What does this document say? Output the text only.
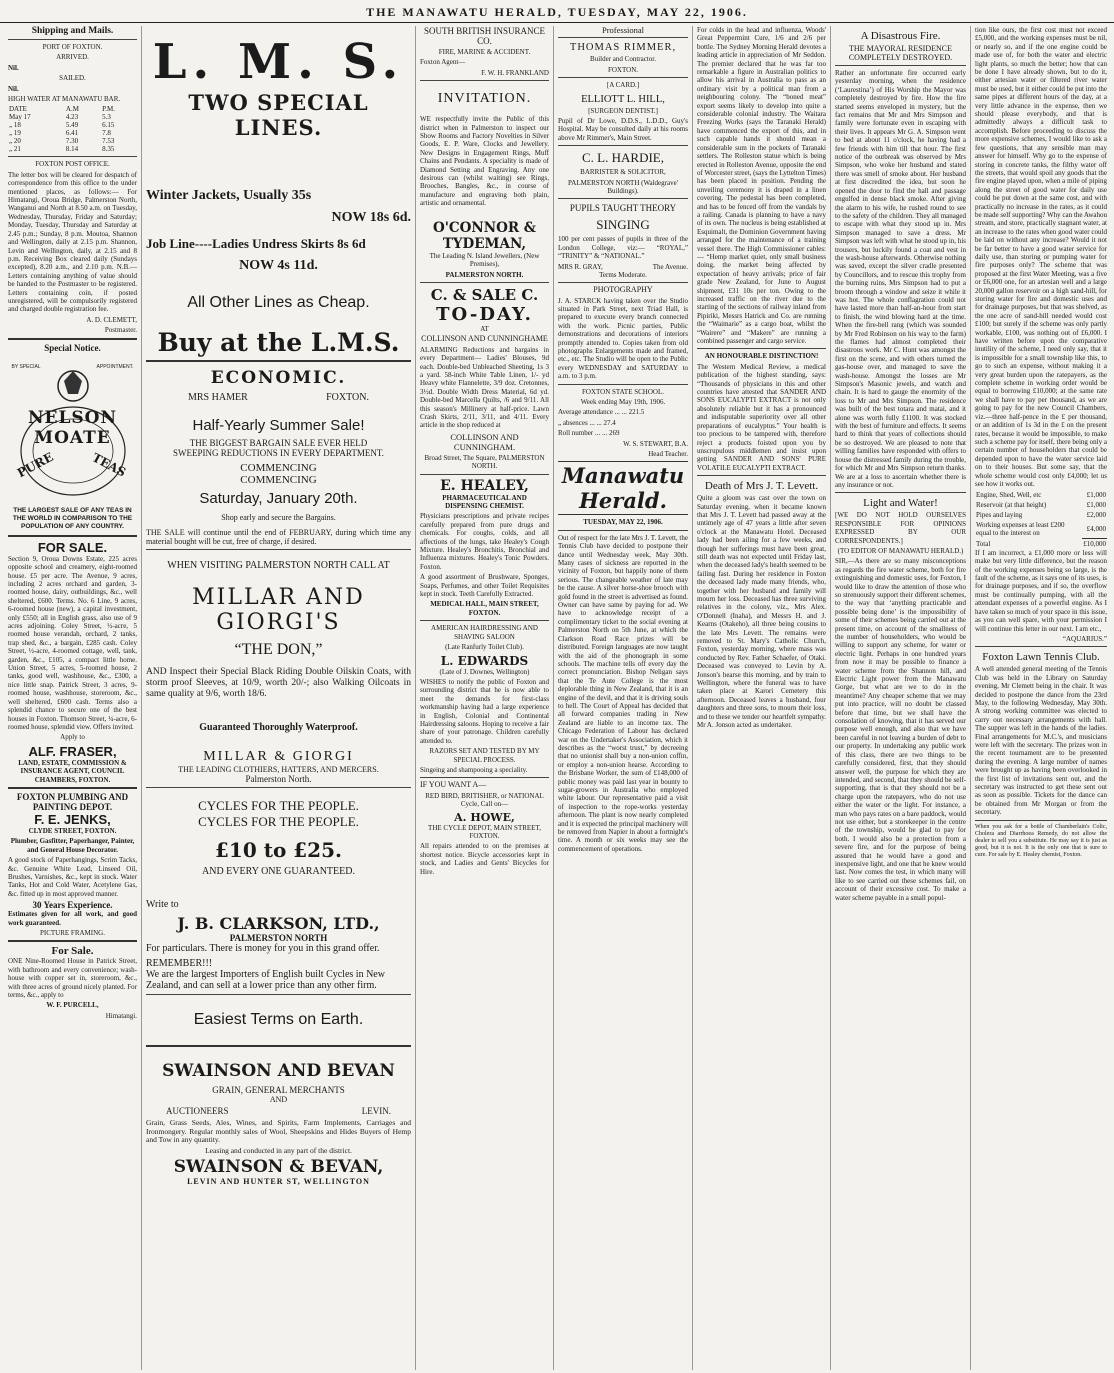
THE MANAWATU HERALD, TUESDAY, MAY 22, 1906.
Shipping and Mails.
PORT OF FOXTON.
ARRIVED.
Nil.
SAILED.
Nil.
HIGH WATER AT MANAWATU BAR.
DATE	A.M	P.M.
May 17	4.23	5.3
„ 18	5.49	6.15
„ 19	6.41	7.8
„ 20	7.30	7.53
„ 21	8.14	8.35
FOXTON POST OFFICE.
The letter box will be cleared for despatch of correspondence from this office to the under mentioned places, as follows:— For Himatangi, Oroua Bridge, Palmerston North, Wanganui and North at 8.50 a.m. on Tuesday, Wednesday, Thursday, Friday and Saturday; Monday, Tuesday, Thursday and Saturday at 2.45 p.m.; Sunday, 8 p.m. Moutoa, Shannon and Wellington, daily at 2.15 p.m. Shannon, Levin and Wellington, daily, at 2.15 and 8 p.m. Receiving Box cleared daily (Sundays excepted), 8.20 a.m., and 2.10 p.m. N.B.—Letters containing anything of value should be handed to the Postmaster to be registered. Letters containing coin, if posted unregistered, will be compulsorily registered and charged double registration fee.
A. D. CLEMETT,
Postmaster.
Special Notice.
BY SPECIAL	APPOINTMENT.
NELSON
MOATE
PURE	TEAS
THE LARGEST SALE OF ANY TEAS IN THE WORLD IN COMPARISON TO THE POPULATION OF ANY COUNTRY.
FOR SALE.
Section 9, Oroua Downs Estate, 225 acres opposite school and creamery, eight-roomed house. £5 per acre. The Avenue, 9 acres, including 2 acres orchard and garden, 3-roomed house, dairy, outbuildings, &c., well sheltered, £600. Terms. No. 6 Line, 9 acres, 6-roomed house (new), a capital investment, only £550; all in English grass, also use of 9 acres adjoining. Coley Street, ½-acre, 5 roomed house verandah, orchard, 2 tanks, trap shed, &c., a bargain, £285 cash. Coley Street, ½-acre, 4-roomed cottage, well, tank, garden, &c., £105, a compact little home. Union Street, 5 acres, 5-roomed house, 2 tanks, good well, washhouse, &c., £300, a nice little snap. Patrick Street, 3 acres, 9-roomed house, washhouse, storeroom, &c., well sheltered, £600 cash. Terms also a splendid chance to secure one of the best houses in Foxton. Thomson Street, ¼-acre, 6-roomed house, splendid view. Offers invited.
Apply to
ALF. FRASER,
LAND, ESTATE, COMMISSION & INSURANCE AGENT, COUNCIL CHAMBERS, FOXTON.
FOXTON PLUMBING AND PAINTING DEPOT.
F. E. JENKS,
CLYDE STREET, FOXTON.
Plumber, Gasfitter, Paperhanger, Painter, and General House Decorator.
A good stock of Paperhangings, Scrim Tacks, &c. Genuine White Lead, Linseed Oil, Brushes, Varnishes, &c., kept in stock. Water Tanks, Hot and Cold Water, Acetylene Gas, &c. fitted up in most approved manner.
30 Years Experience.
Estimates given for all work, and good work guaranteed.
PICTURE FRAMING.
For Sale.
ONE Nine-Roomed House in Patrick Street, with bathroom and every convenience; wash-house with copper set in, storeroom, &c., with three acres of ground nicely planted. For terms, &c., apply to
W. F. PURCELL,
Himatangi.
L. M. S.
TWO SPECIAL LINES.
Winter Jackets, Usually 35s
NOW 18s 6d.
Job Line----Ladies Undress Skirts 8s 6d
NOW 4s 11d.
All Other Lines as Cheap.
Buy at the L.M.S.
ECONOMIC.
MRS HAMER	FOXTON.
Half-Yearly Summer Sale!
THE BIGGEST BARGAIN SALE EVER HELD
SWEEPING REDUCTIONS IN EVERY DEPARTMENT.
COMMENCING
COMMENCING
Saturday, January 20th.
Shop early and secure the Bargains.
THE SALE will continue until the end of FEBRUARY, during which time any material bought will be cut, free of charge, if desired.
WHEN VISITING PALMERSTON NORTH CALL AT
MILLAR AND GIORGI'S
“THE DON,”
AND Inspect their Special Black Riding Double Oilskin Coats, with storm proof Sleeves, at 10/9, worth 20/-; also Walking Oilcoats in same quality at 9/6, worth 18/6.
Guaranteed Thoroughly Waterproof.
MILLAR & GIORGI
THE LEADING CLOTHIERS, HATTERS, AND MERCERS.
Palmerston North.
CYCLES FOR THE PEOPLE.
CYCLES FOR THE PEOPLE.
£10 to £25.
AND EVERY ONE GUARANTEED.
Write to
J. B. CLARKSON, LTD.,
PALMERSTON NORTH
For particulars. There is money for you in this grand offer.
REMEMBER!!!
We are the largest Importers of English built Cycles in New Zealand, and can sell at a lower price than any other firm.
Easiest Terms on Earth.
SWAINSON AND BEVAN
GRAIN, GENERAL MERCHANTS
AND
AUCTIONEERS	LEVIN.
Grain, Grass Seeds, Ales, Wines, and Spirits, Farm Implements, Carriages and Ironmongery. Regular monthly sales of Wool, Sheepskins and Hides Buyers of Hemp and Tow in any quantity.
Leasing and conducted in any part of the district.
SWAINSON & BEVAN,
LEVIN AND HUNTER ST, WELLINGTON
SOUTH BRITISH INSURANCE CO.
FIRE, MARINE & ACCIDENT.
Foxton Agent—
F. W. H. FRANKLAND
INVITATION.
WE respectfully invite the Public of this district when in Palmerston to inspect our Show Rooms and Factory Novelties in Silver Goods, E. P. Ware, Clocks and Jewellery. New Designs in Engagement Rings, Muff Chains and Pendants. A speciality is made of Diamond Setting and Engraving. Any one desirous can (whilst waiting) see Rings, Brooches, Bangles, &c., in course of manufacture and engraving both plain, artistic and ornamental.
O'CONNOR & TYDEMAN,
The Leading N. Island Jewellers, (New Premises),
PALMERSTON NORTH.
C. & SALE C.
TO-DAY.
AT
COLLINSON AND CUNNINGHAME
ALARMING Reductions and bargains in every Department— Ladies' Blouses, 9d each. Double-bed Unbleached Sheeting, 1s 3 a yard. 58-inch White Table Linen, 1/- yd Heavy white Flannelette, 3/9 doz. Cretonnes, 3½d. Double Width Dress Material, 6d yd. Double-bed Marcella Quilts, /6 and 9/11. All this season's Millinery at half-price. Lawn Crash Skirts, 2/11, 3/11, and 4/11. Every article in the shop reduced at
COLLINSON AND CUNNINGHAM.
Broad Street, The Square, PALMERSTON NORTH.
E. HEALEY,
PHARMACEUTICAL AND DISPENSING CHEMIST.
Physicians prescriptions and private recipes carefully prepared from pure drugs and chemicals. For coughs, colds, and all affections of the lungs, take Healey's Cough Mixture. Healey's Bronchitis, Bronchial and Influenza mixtures. Healey's Tonic Powders. Foxton.
A good assortment of Brushware, Sponges, Soaps, Perfumes, and other Toilet Requisites kept in stock. Teeth Carefully Extracted.
MEDICAL HALL, MAIN STREET, FOXTON.
AMERICAN HAIRDRESSING AND SHAVING SALOON
(Late Ranfurly Toilet Club).
L. EDWARDS
(Late of J. Downes, Wellington)
WISHES to notify the public of Foxton and surrounding district that he is now able to meet the demands for first-class workmanship having had a large experience in English, Colonial and Continental Hairdressing saloons. Hoping to receive a fair share of your patronage. Children carefully attended to.
RAZORS SET AND TESTED BY MY SPECIAL PROCESS.
Singeing and shampooing a speciality.
IF YOU WANT A—
RED BIRD, BRITISHER, or NATIONAL Cycle, Call on—
A. HOWE,
THE CYCLE DEPOT, MAIN STREET, FOXTON.
All repairs attended to on the premises at shortest notice. Bicycle accessories kept in stock, and Ladies and Gents' Bicycles for Hire.
Professional
THOMAS RIMMER,
Builder and Contractor.
FOXTON.
[A CARD.]
ELLIOTT L. HILL,
[SURGEON DENTIST.]
Pupil of Dr Lowe, D.D.S., L.D.D., Guy's Hospital. May be consulted daily at his rooms above Mr Rimmer's, Main Street.
C. L. HARDIE,
BARRISTER & SOLICITOR,
PALMERSTON NORTH (Waldegrave' Buildings).
PUPILS TAUGHT THEORY
SINGING
100 per cent passes of pupils in three of the London College, viz:— “ROYAL,” “TRINITY” & “NATIONAL.”
MRS R. GRAY,	The Avenue.
Terms Moderate.
PHOTOGRAPHY
J. A. STARCK having taken over the Studio situated in Park Street, next Triad Hall, is prepared to execute every branch connected with the work. Picnic parties, Public demonstrations and decorations of interiors promptly attended to. Copies taken from old photographs Enlargements made and framed, etc., etc. The Studio will be open to the Public every WEDNESDAY and SATURDAY to a.m. to 3 p.m.
FOXTON STATE SCHOOL.
Week ending May 19th, 1906.
Average attendance ... ... 221.5
„ absences ... ... 27.4
Roll number ... ... 269
W. S. STEWART, B.A.
Head Teacher.
Manawatu Herald.
TUESDAY, MAY 22, 1906.
Out of respect for the late Mrs J. T. Levett, the Tennis Club have decided to postpone their dance until Wednesday week, May 30th. Many cases of sickness are reported in the vicinity of Foxton, but happily none of them serious. The changeable weather of late may be the cause. A silver horse-shoe brooch with gold found in the street is advertised as found. Owner can have same by paying for ad. We have to acknowledge receipt of a complimentary ticket to the social evening at Palmerston North on 5th June, at which the Clarkson Road Race prizes will be distributed. Foreign languages are now taught with the aid of the phonograph in some schools. The machine tells off every day the correct pronunciation. Bishop Neligan says that the Te Aute College is the most deplorable thing in New Zealand, that it is an engine of the devil, and that it is driving souls to hell. The Court of Appeal has decided that all forward companies trading in New Zealand are liable to an income tax. The Chicago Federation of Labour has declared war on the Undertaker's Association, which it describes as the “worst trust,” by decreeing that no unionist shall buy a non-union coffin, or employ a non-union hearse. According to the Brisbane Worker, the sum of £148,000 of public money was paid last year in bounty to sugar-growers in Australia who employed white labour. Our representative paid a visit of inspection to the rope-works yesterday afternoon. The plant is now nearly completed and it is expected the principal machinery will be removed from Napier in about a fortnight's time. A month or six weeks may see the commencement of operations.
For colds in the head and influenza, Woods' Great Peppermint Cure, 1/6 and 2/6 per bottle. The Sydney Morning Herald devotes a leading article in appreciation of Mr Seddon. The premier declared that he was far too remarkable a figure in Australian politics to allow his arrival in Australia to pass as an ordinary visit by a political man from a neighbouring colony. The “boned meat” export seems likely to develop into quite a considerable colonial industry. The Waitara Freezing Works (says the Taranaki Herald) have commenced the export of this, and in such capable hands it should mean a considerable sum in the pockets of Taranaki settlers. The Rolleston statue which is being erected in Rolleston Avenue, opposite the end of Worcester street, (says the Lyttelton Times) has been placed in position. Pending the unveiling ceremony it is draped in a linen covering. The pedestal has been completed, and has to be fenced off from the vandals by a railing. Canada is planning to have a navy of its own. The nucleus is being established at Esquimalt, the Dominion Government having arranged for the maintenance of a training vessel there. The High Commissioner cables:— “Hemp market quiet, only small business doing, the market being affected by expectation of heavy arrivals; price of fair grade New Zealand, for June to August shipment, £31 10s per ton. Owing to the increased traffic on the river due to the starting of the sections of railway inland from Pipiriki, Messrs Hatrick and Co. are running the “Waimarie” as a cargo boat, whilst the “Wairere” and “Makere” are running a combined passenger and cargo service.
AN HONOURABLE DISTINCTION!
The Western Medical Review, a medical publication of the highest standing, says: “Thousands of physicians in this and other countries have attested that SANDER AND SONS EUCALYPTI EXTRACT is not only absolutely reliable but it has a pronounced and indisputable superiority over all other preparations of eucalyptus.” Your health is too precious to be tampered with, therefore reject a products foisted upon you by unscrupulous middlemen and insist upon getting SANDER AND SONS' PURE VOLATILE EUCALYPTI EXTRACT.
Death of Mrs J. T. Levett.
Quite a gloom was cast over the town on Saturday evening, when it became known that Mrs J. T. Levett had passed away at the untimely age of 47 years a little after seven o'clock at the Manawatu Hotel. Deceased lady had been ailing for a few weeks, and though her sufferings must have been great, still death was not expected until Friday last, when the deceased lady's health seemed to be failing fast. During her residence in Foxton the deceased lady made many friends, who, together with her husband and family will mourn her loss. Deceased has three surviving relatives in the colony, viz., Mrs Alex. O'Donnell (Inaha), and Messrs H. and J. Kearns (Otakeho), all three being cousins to the late Mrs Levett. The remains were removed to St. Mary's Catholic Church, Foxton, yesterday morning, where mass was conducted by Rev. Father Schaefer, of Otaki. Deceased was conveyed to Levin by A. Jonson's hearse this morning, and by train to Wellington, where the funeral was to have taken place at Karori Cemetery this afternoon. Deceased leaves a husband, four daughters and three sons, to mourn their loss, and to these we tender our heartfelt sympathy. Mr A. Jonson acted as undertaker.
A Disastrous Fire.
THE MAYORAL RESIDENCE COMPLETELY DESTROYED.
Rather an unfortunate fire occurred early yesterday morning, when the residence (‘Laurestina’) of His Worship the Mayor was completely destroyed by fire. How the fire started seems enveloped in mystery, but the fact remains that Mr and Mrs Simpson and family were fortunate even in escaping with their lives. It appears Mr G. A. Simpson went to bed at about 11 o'clock, he having had a few friends with him till that hour. The first notice of the outbreak was observed by Mrs Simpson, who woke her husband and stated there was smell of smoke about. Her husband at first discredited the idea, but soon he opened the door to find the hall and passage engulfed in dense black smoke. After giving the alarm to his wife, he rushed round to see to the safety of the children. They all managed to escape with what they stood up in. Mrs Simpson managed to save a dress. Mr Simpson was left with what he stood up in, his trousers, but luckily found a coat and vest in the wash-house afterwards. Otherwise nothing was saved, except the silver cradle presented by Councillors, and to rescue this trophy from the burning ruins, Mrs Simpson had to put a broom through a window and seize it while it was hot. The whole conflagration could not have lasted more than half-an-hour from start to finish, the wind blowing hard at the time. When the fire-bell rang (which was sounded by Mr Fred Robinson on his way to the farm) the flames had almost completed their disastrous work. Mr C. Hunt was amongst the first on the scene, and with others turned the gas-house over, and managed to save the wash-house. Amongst the losses are Mr Simpson's Masonic jewels, and watch and chain. It is hard to gauge the enormity of the loss to Mr and Mrs Simpson. The residence was built of the best totara and matai, and it alone was worth fully £1100. It was stocked with the best of furniture and effects. It seems hard to think that years of collections should be so destroyed. We are pleased to note that willing families have responded with offers to house the distressed family during the trouble, for which Mr and Mrs Simpson return thanks. We are at a loss to ascertain whether there is any insurance or not.
Light and Water!
[WE DO NOT HOLD OURSELVES RESPONSIBLE FOR OPINIONS EXPRESSED BY OUR CORRESPONDENTS.]
(TO EDITOR OF MANAWATU HERALD.)
SIR,—As there are so many misconceptions as regards the fire water scheme, both for fire extinguishing and domestic uses, for Foxton, I would like to draw the attention of those who so strenuously support their different schemes, to the way that ‘anything practicable and possible being done’ is the impossibility of some of their schemes being carried out at the present time, on account of the smallness of the number of householders, who would be willing to support any scheme, for water or electric light. Perhaps in one hundred years from now it may be possible to finance a water scheme from the Shannon hill, and Electric Light power from the Manawatu Gorge, but what are we to do in the meantime? Any cheaper scheme that we may put into practice, will no doubt be classed before that time, but we shall have the consolation of knowing, that it has served our purpose well enough, and also that we have been careful in not leaving a burden of debt to our property. In undertaking any public work of this class, there are two things to be carefully considered, first, that they should answer well, the purpose for which they are intended, and second, that they should be self-supporting, that is that they should not be a charge upon the ratepayers, who do not use either the water or the light. For instance, a man who pays rates on a bare paddock, would not use either, but a storekeeper in the centre of the township, would be glad to pay for both. I would also be a protection from a severe fire, and for the purpose of being assured that he would have a good and inexpensive light, and one that he knew would last. Now comes the test, in which many will like to see carried out these schemes fail, on account of their excessive cost. To make a water scheme payable in a small popul-
tion like ours, the first cost must not exceed £5,000, and the working expenses must be nil, or nearly so, and if the one engine could be made use of, for both the water and electric light plants, so much the better; how that can be done I have already shown, but to do it, either artesian water or filtered river water must be used, but it either could be put into the same pipes at different hours of the day, at a very little advance in the expense, then we should please everybody, and that is admittedly always a difficult task to accomplish. Before proceeding to discuss the more expensive schemes, I would like to ask a few questions, that any sensible man may answer for himself. Why go to the expense of storing in concrete tanks, the filthy water off the streets, that would spoil any goods that the fire engine played upon, when a mile of piping along the street of good water for daily use could be put down at the same cost, and with practically no increase in the rates, as it could be made self supporting? Why can the Awahou stream, and store, practically stagnant water, at an increase to the rates when good water could be laid on without any increase? Would it not be far better to have a good water service for daily use, than storing or pumping water for fire purposes only? The scheme that was proposed at the first Water Meeting, was a five or £6,000 one, for an artesian well and a large 20,000 gallon reservoir on a high sand-hill, for storing water for fire and domestic uses and for drainage purposes, but that was shelved, as the one acre of sand-hill needed would cost £100; but surely if the scheme was only partly workable, £100, was nothing out of £6,000. I have written before upon the comparative inutility of the scheme, I need only say, that it is impossible for a small township like this, to go to such an expense, without making it a very great burden upon the ratepayers, as the complete scheme in working order would be equal to borrowing £10,000; at the same rate we shall have to pay per thousand, as we are going to pay for the new Council Chambers, viz.—three half-pence in the £ per thousand, or an addition of 1s 3d in the £ on the present rates, because it would be impossible, to make such a scheme pay for itself, there being only a certain number of householders that could be depended upon to have the water service laid on to their houses. But some say, that the whole scheme would cost only £4,000; let us see how it works out.
Engine, Shed, Well, etc	£1,000
Reservoir (at that height)	£1,000
Pipes and laying	£2,000
Working expenses at least £200 equal to the interest on	£4,000
Total	£10,000
If I am incorrect, a £1,000 more or less will make but very little difference, but the reason of the working expenses being so large, is the fault of the scheme, as it says one of its uses, is for drainage purposes, and if so, the overflow must be continually pumping, with all the attendant expenses of a powerful engine. As I have taken so much of your space in this issue, as you can well spare, with your permission I will continue this letter in our next. I am etc.,
“AQUARIUS.”
Foxton Lawn Tennis Club.
A well attended general meeting of the Tennis Club was held in the Library on Saturday evening, Mr Clemett being in the chair. It was decided to postpone the dance from the 23rd May, to the following Wednesday, May 30th. A strong working committee was elected to carry out necessary arrangements with hall. The supper was left in the hands of the ladies. Final arrangements for M.C.'s, and musicians were left with the secretary. The prizes won in the recent tournament are to be presented during the evening. A large number of names were brought up as having been overlooked in the first list of invitations sent out, and the secretary was instructed to get these sent out as soon as possible. Tickets for the dance can be obtained from Mr Morgan or from the secretary.
When you ask for a bottle of Chamberlain's Colic, Cholera and Diarrhoea Remedy, do not allow the dealer to sell you a substitute. He may say it is just as good, but it is not. It is the only one that is sure to cure. For sale by E. Healey chemist, Foxton.
